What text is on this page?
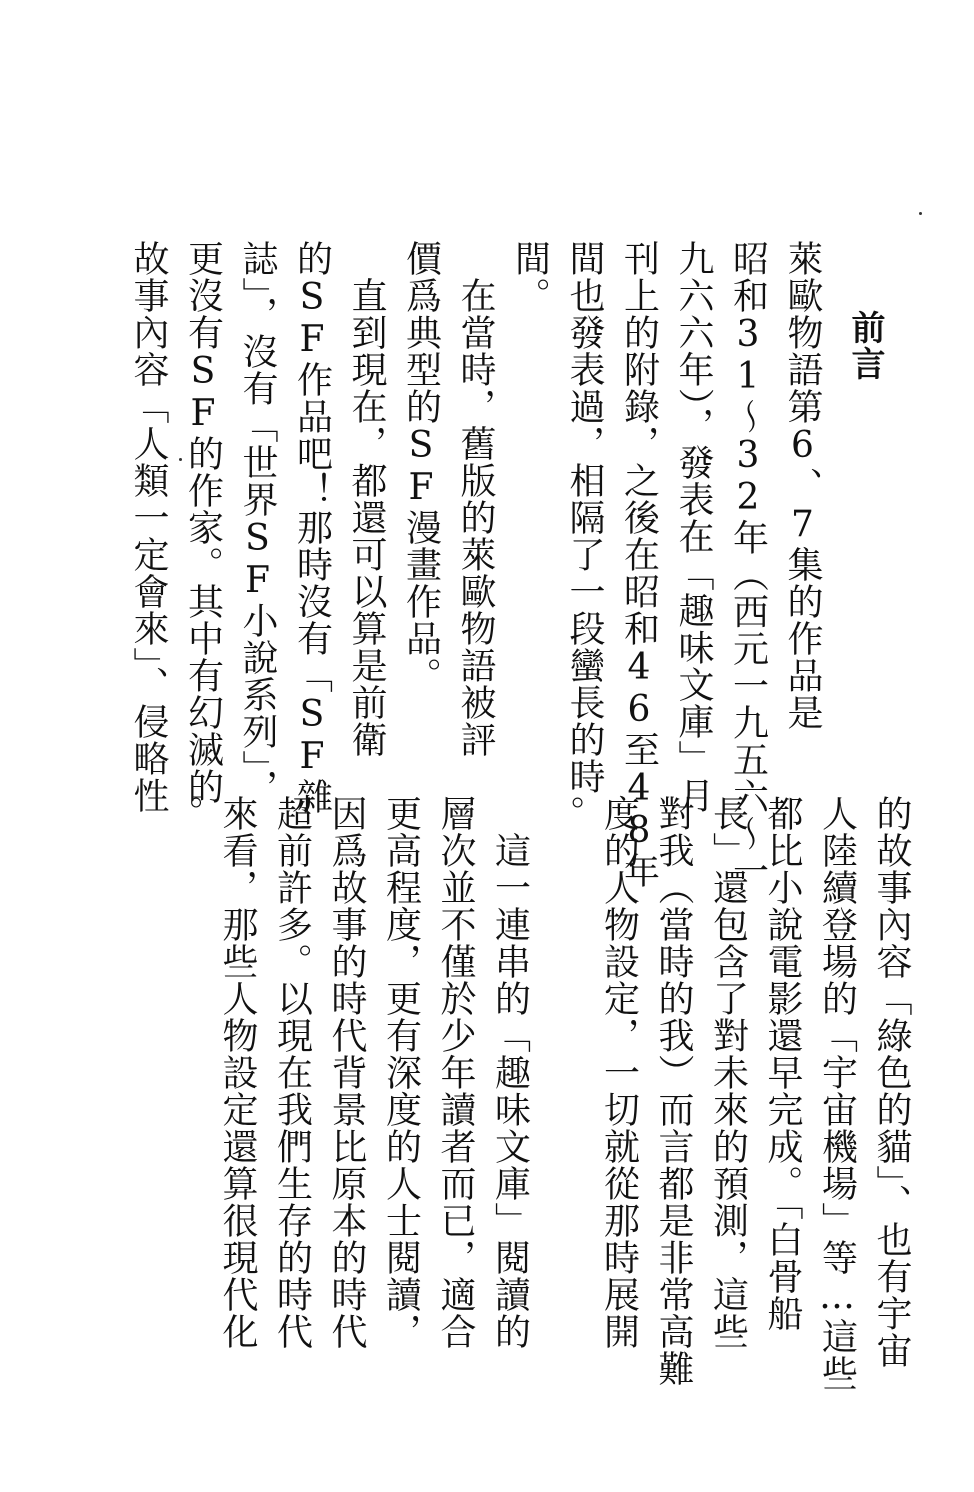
前言
萊歐物語第6、7集的作品是
昭和31～32年（西元一九五六～一
九六六年），發表在「趣味文庫」月
刊上的附錄，之後在昭和46至48年
間也發表過，相隔了一段蠻長的時
間。
　在當時，舊版的萊歐物語被評
價爲典型的SF漫畫作品。
　直到現在，都還可以算是前衛
的SF作品吧！那時沒有「SF雜
誌」，沒有「世界SF小說系列」，
更沒有SF的作家。其中有幻滅的
故事內容「人類一定會來」、侵略性
的故事內容「綠色的貓」、也有宇宙
人陸續登場的「宇宙機場」等…這些
都比小說電影還早完成。「白骨船
長」還包含了對未來的預測，這些
對我（當時的我）而言都是非常高難
度的人物設定，一切就從那時展開
。
　這一連串的「趣味文庫」閱讀的
層次並不僅於少年讀者而已，適合
更高程度，更有深度的人士閱讀，
因爲故事的時代背景比原本的時代
超前許多。以現在我們生存的時代
來看，那些人物設定還算很現代化
。
